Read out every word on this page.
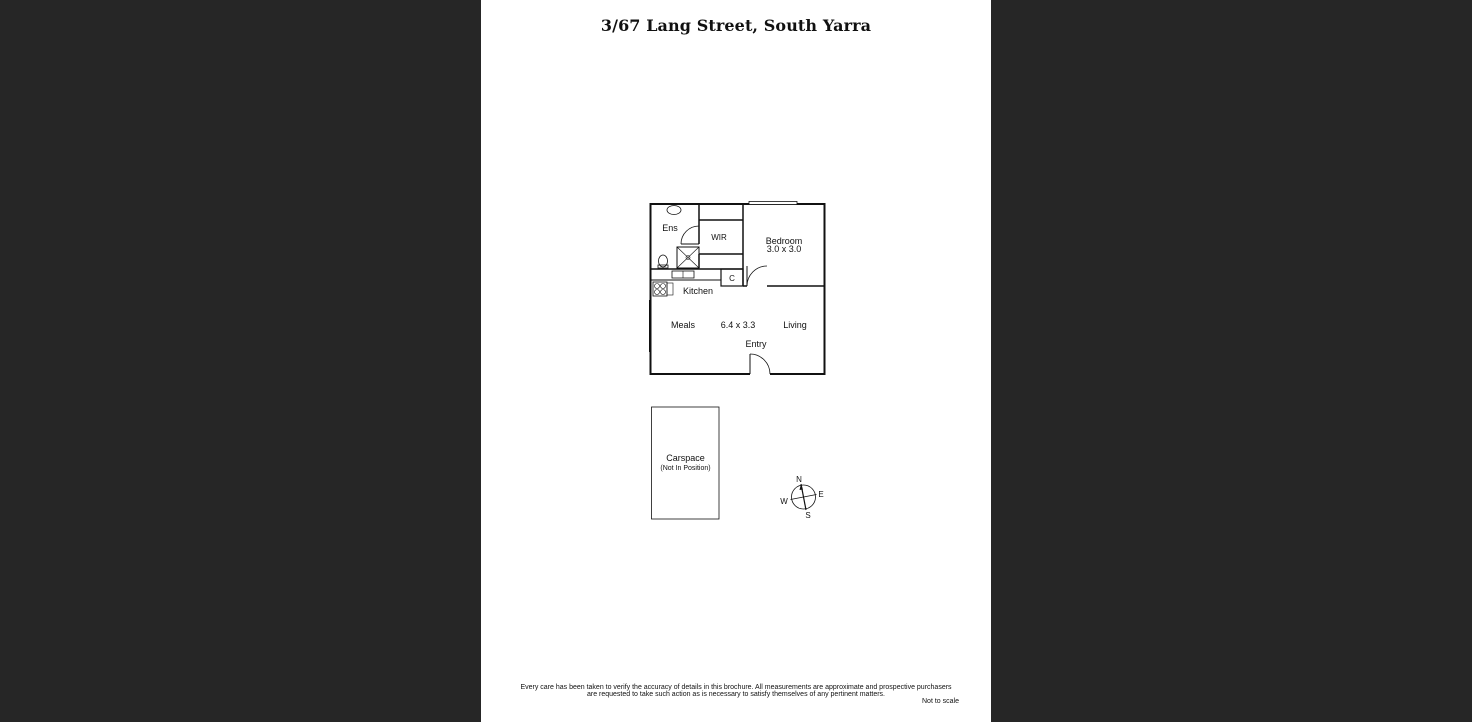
3/67 Lang Street, South Yarra
Ens
WIR	Bedroom
3.0 x 3.0
C
Kitchen
Meals	6.4 x 3.3	Living
Entry
Carspace
(Not In Position)
N
E
S
W
Every care has been taken to verify the accuracy of details in this brochure. All measurements are approximate and prospective purchasers
are requested to take such action as is necessary to satisfy themselves of any pertinent matters.
Not to scale
